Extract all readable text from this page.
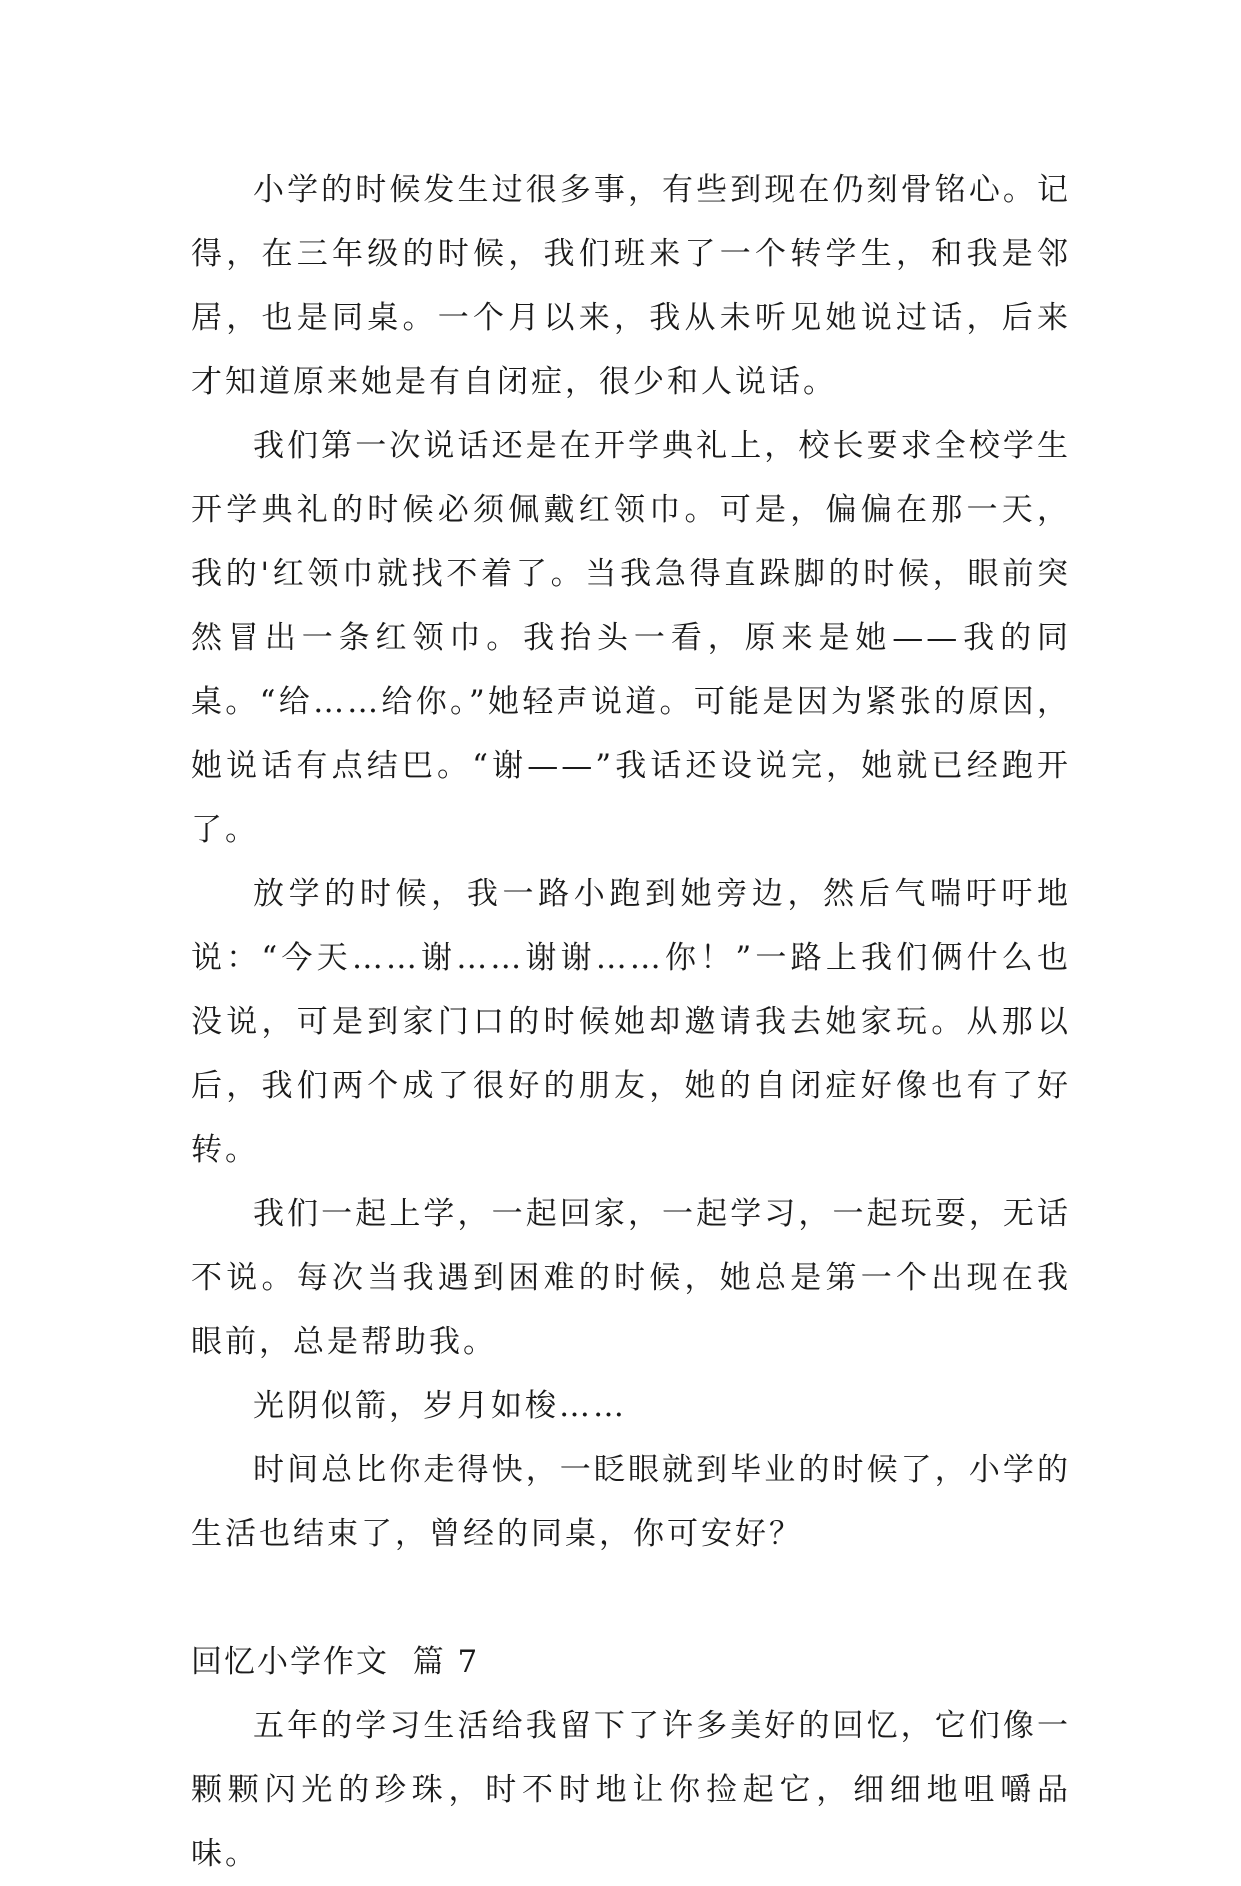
小学的时候发生过很多事，有些到现在仍刻骨铭心。记得，在三年级的时候，我们班来了一个转学生，和我是邻居，也是同桌。一个月以来，我从未听见她说过话，后来才知道原来她是有自闭症，很少和人说话。

我们第一次说话还是在开学典礼上，校长要求全校学生开学典礼的时候必须佩戴红领巾。可是，偏偏在那一天，我的'红领巾就找不着了。当我急得直跺脚的时候，眼前突然冒出一条红领巾。我抬头一看，原来是她——我的同桌。“给……给你。”她轻声说道。可能是因为紧张的原因，她说话有点结巴。“谢——”我话还设说完，她就已经跑开了。

放学的时候，我一路小跑到她旁边，然后气喘吁吁地说：“今天……谢……谢谢……你！”一路上我们俩什么也没说，可是到家门口的时候她却邀请我去她家玩。从那以后，我们两个成了很好的朋友，她的自闭症好像也有了好转。

我们一起上学，一起回家，一起学习，一起玩耍，无话不说。每次当我遇到困难的时候，她总是第一个出现在我眼前，总是帮助我。

光阴似箭，岁月如梭……

时间总比你走得快，一眨眼就到毕业的时候了，小学的生活也结束了，曾经的同桌，你可安好？

回忆小学作文  篇 7

五年的学习生活给我留下了许多美好的回忆，它们像一颗颗闪光的珍珠，时不时地让你捡起它，细细地咀嚼品味。
